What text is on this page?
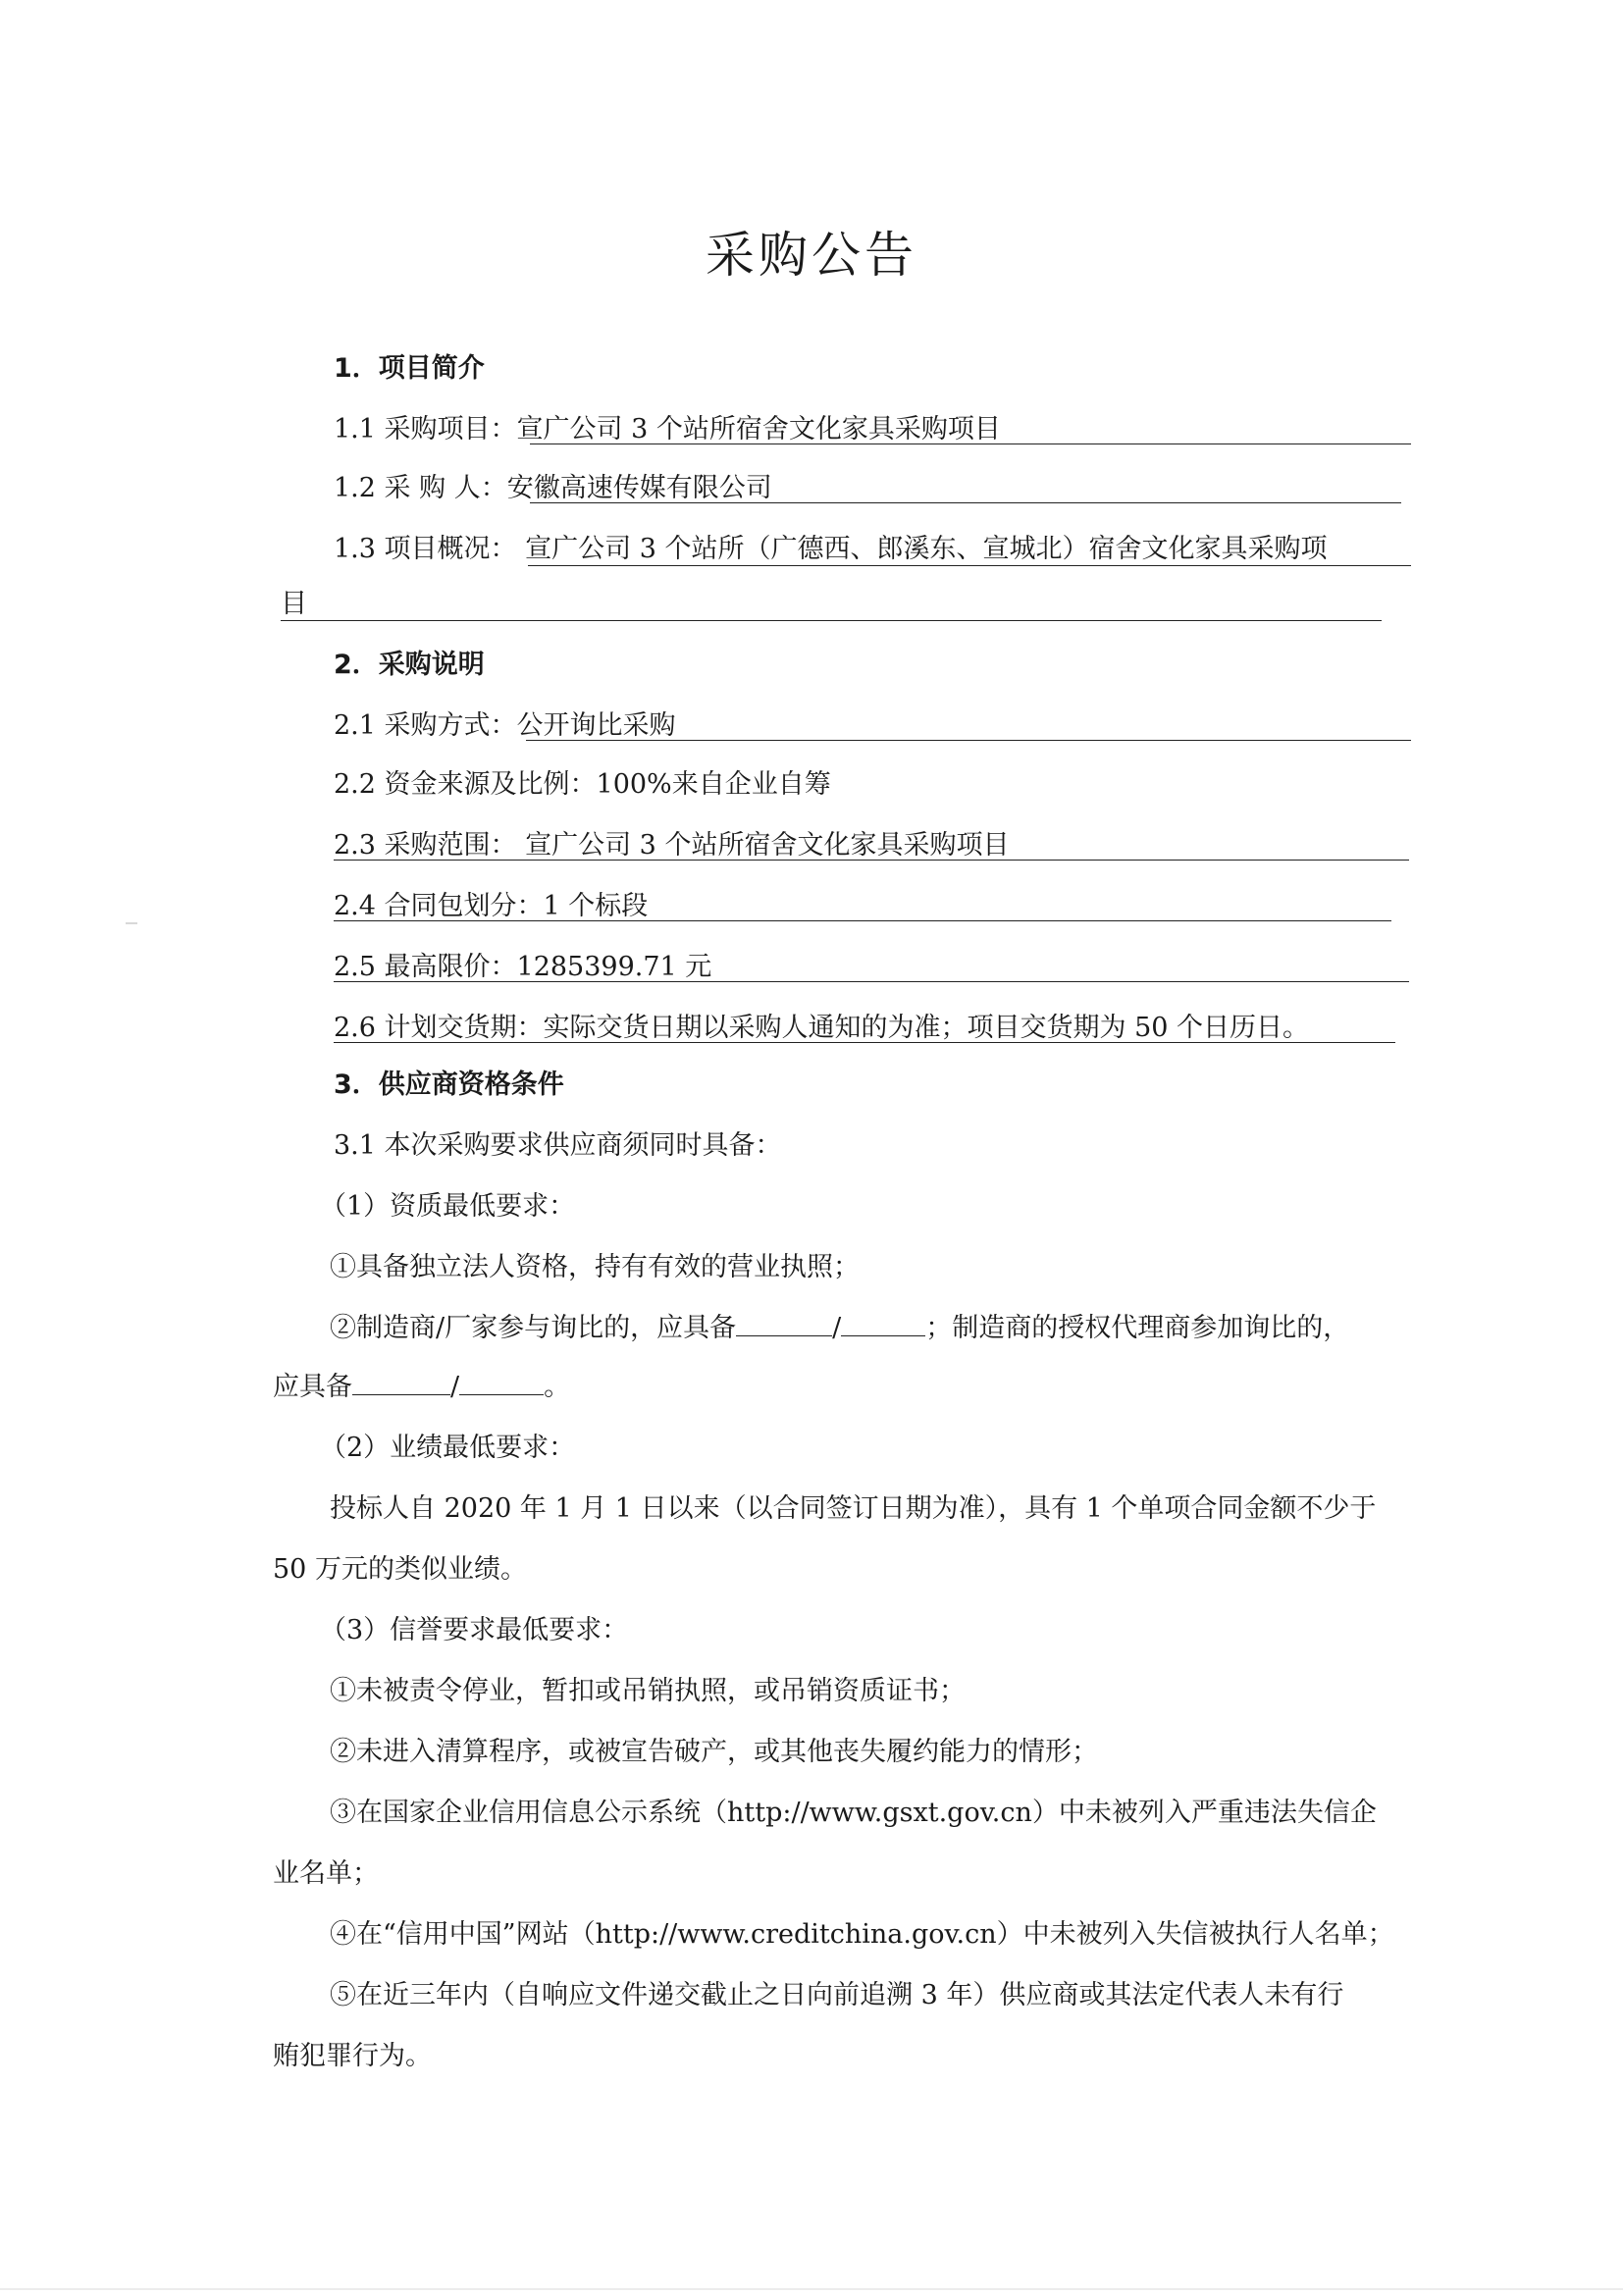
采购公告
1．项目简介
1.1 采购项目：宣广公司 3 个站所宿舍文化家具采购项目
1.2 采 购 人：安徽高速传媒有限公司
1.3 项目概况： 宣广公司 3 个站所（广德西、郎溪东、宣城北）宿舍文化家具采购项
目
2．采购说明
2.1 采购方式：公开询比采购
2.2 资金来源及比例：100%来自企业自筹
2.3 采购范围： 宣广公司 3 个站所宿舍文化家具采购项目
2.4 合同包划分：1 个标段
2.5 最高限价：1285399.71 元
2.6 计划交货期：实际交货日期以采购人通知的为准；项目交货期为 50 个日历日。
3．供应商资格条件
3.1 本次采购要求供应商须同时具备：
（1）资质最低要求：
①具备独立法人资格，持有有效的营业执照；
②制造商/厂家参与询比的，应具备	/	；制造商的授权代理商参加询比的，
应具备	/	。
（2）业绩最低要求：
投标人自 2020 年 1 月 1 日以来（以合同签订日期为准），具有 1 个单项合同金额不少于
50 万元的类似业绩。
（3）信誉要求最低要求：
①未被责令停业，暂扣或吊销执照，或吊销资质证书；
②未进入清算程序，或被宣告破产，或其他丧失履约能力的情形；
③在国家企业信用信息公示系统（http://www.gsxt.gov.cn）中未被列入严重违法失信企
业名单；
④在“信用中国”网站（http://www.creditchina.gov.cn）中未被列入失信被执行人名单；
⑤在近三年内（自响应文件递交截止之日向前追溯 3 年）供应商或其法定代表人未有行
贿犯罪行为。
